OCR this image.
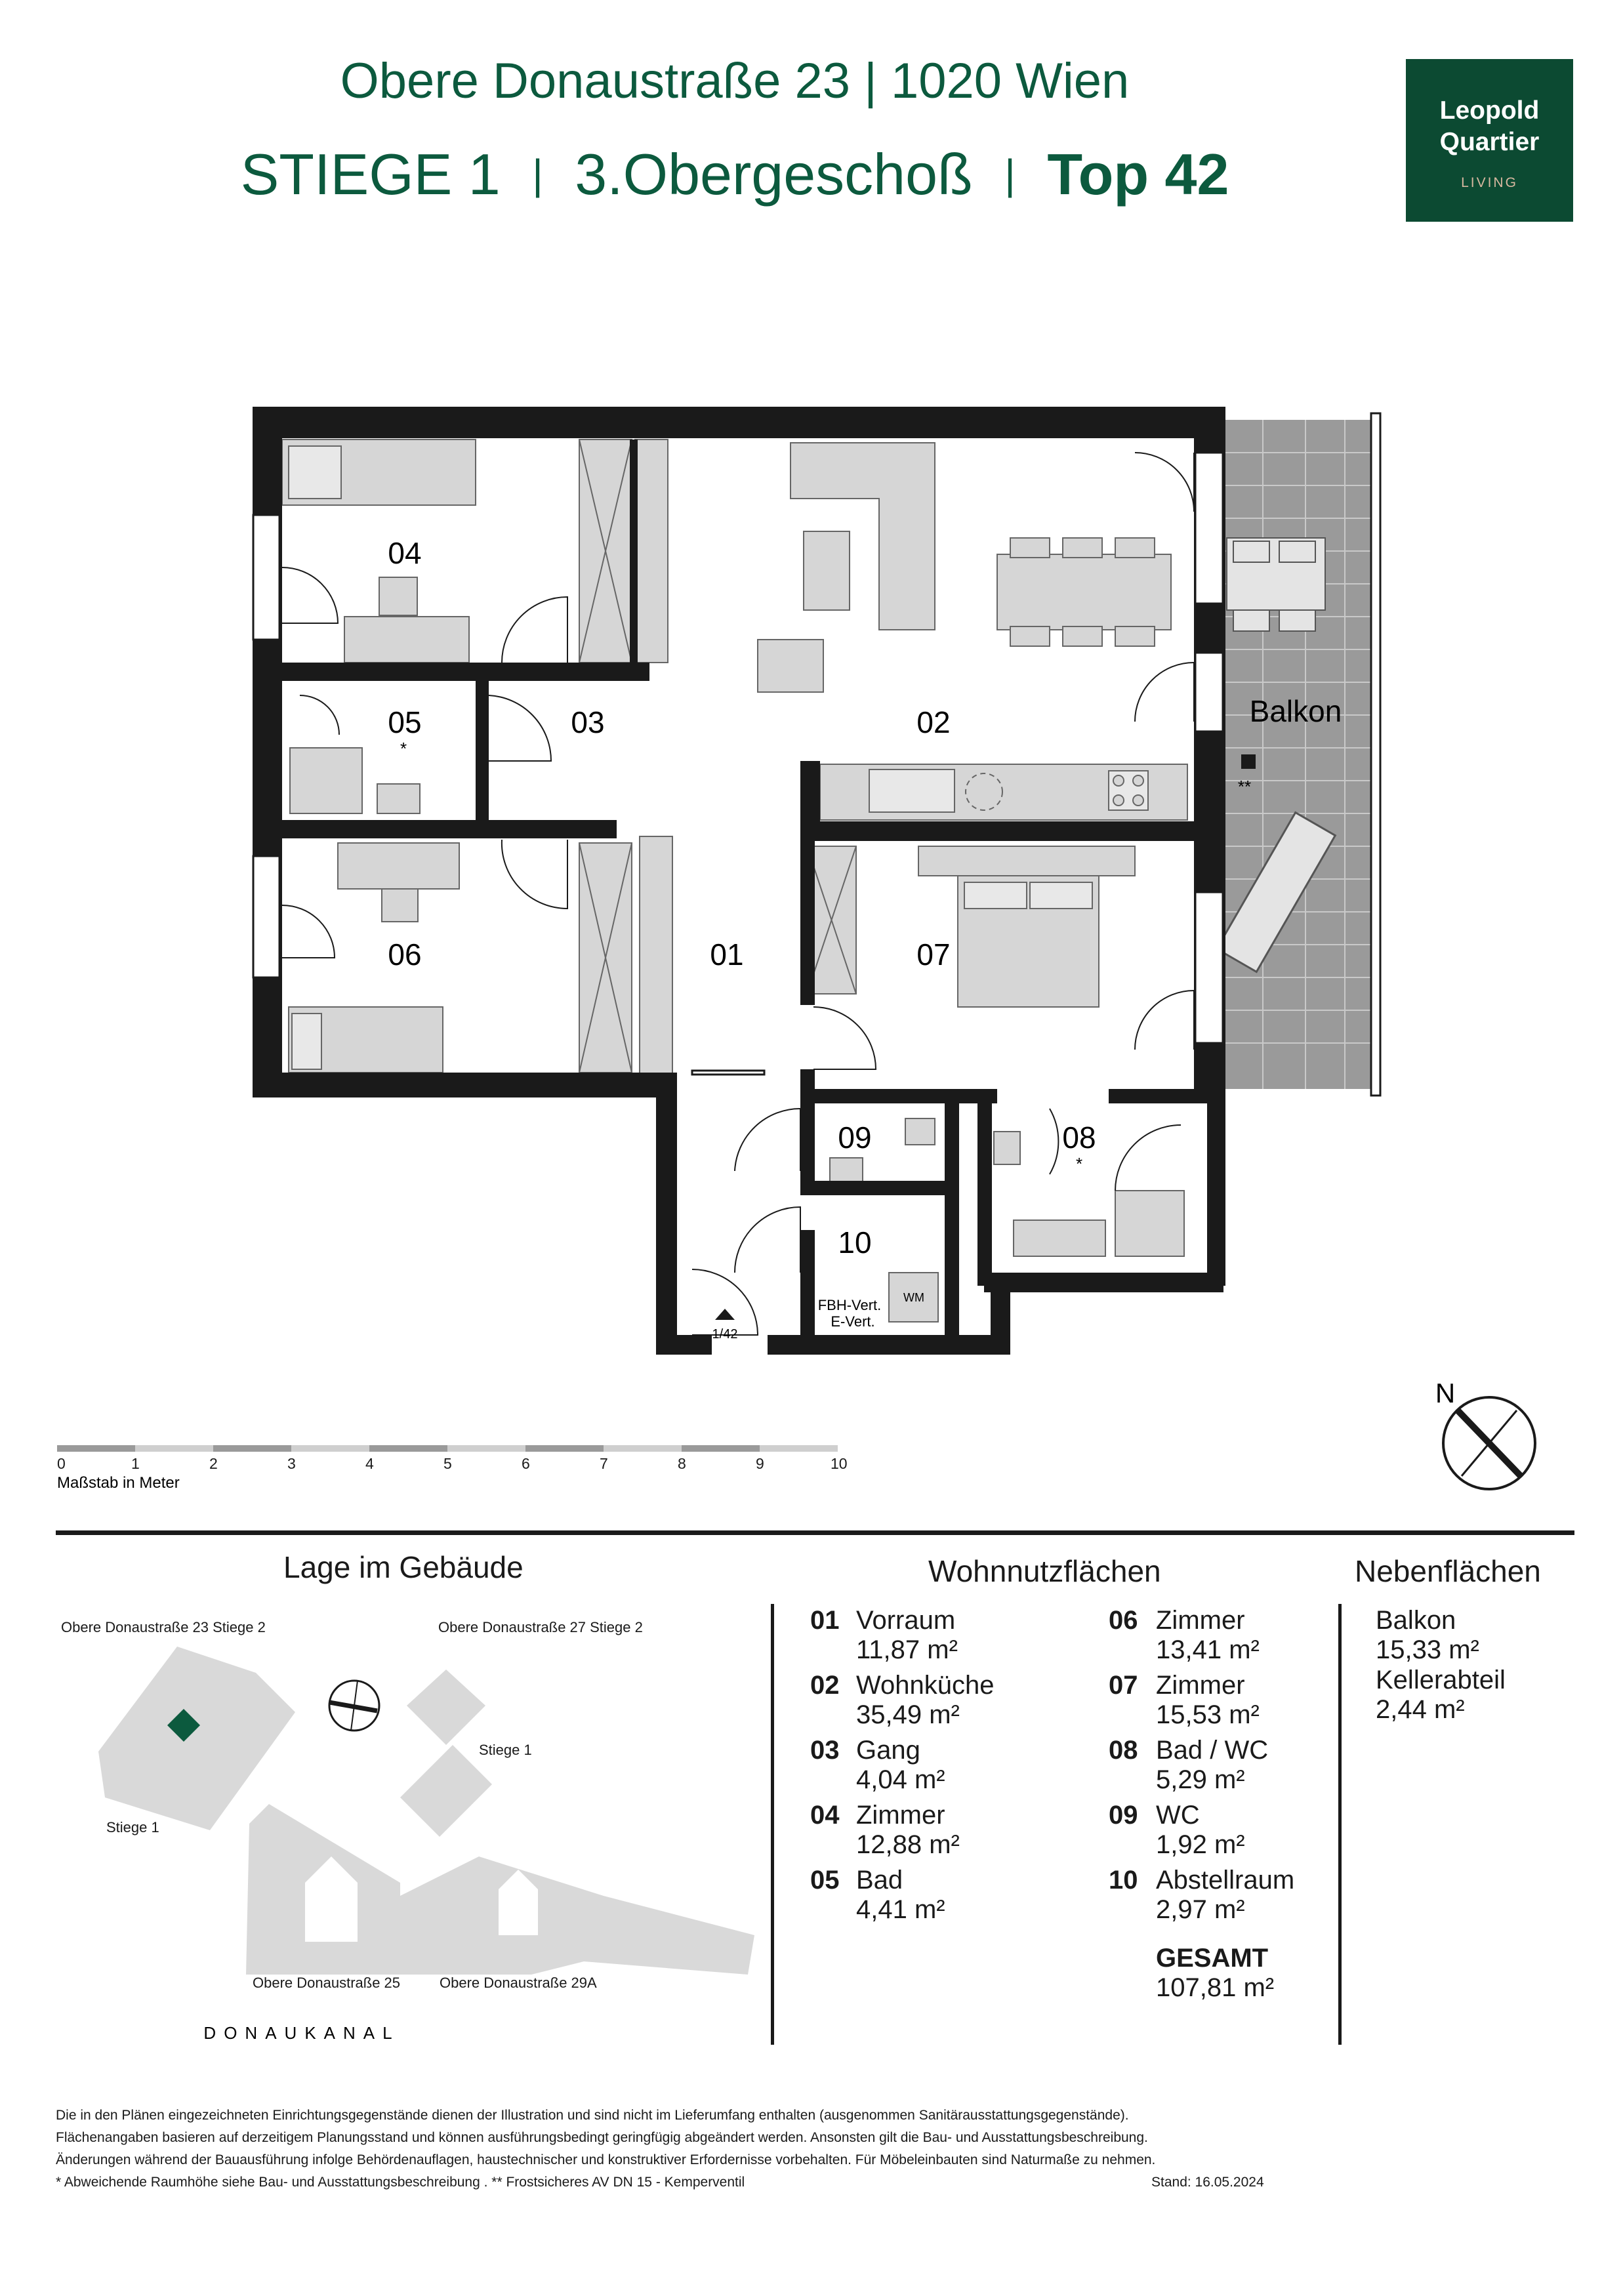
Obere Donaustraße 23 | 1020 Wien
STIEGE 1 | 3.Obergeschoß | Top 42
Leopold
Quartier
LIVING
04
05
*
03	02
06	01	07
09	08
*
10
Balkon
**
FBH-Vert.
E-Vert.
WM
1/42
N
0	1	2	3	4	5	6	7	8	9	10
Maßstab in Meter
Lage im Gebäude
Obere Donaustraße 23 Stiege 2	Obere Donaustraße 27 Stiege 2
Stiege 1
Stiege 1
Obere Donaustraße 25	Obere Donaustraße 29A
DONAUKANAL
Wohnnutzflächen
01 Vorraum
11,87 m²
02 Wohnküche
35,49 m²
03 Gang
4,04 m²
04 Zimmer
12,88 m²
05 Bad
4,41 m²
06 Zimmer
13,41 m²
07 Zimmer
15,53 m²
08 Bad / WC
5,29 m²
09 WC
1,92 m²
10 Abstellraum
2,97 m²
GESAMT
107,81 m²
Nebenflächen
Balkon
15,33 m²
Kellerabteil
2,44 m²
Die in den Plänen eingezeichneten Einrichtungsgegenstände dienen der Illustration und sind nicht im Lieferumfang enthalten (ausgenommen Sanitärausstattungsgegenstände).
Flächenangaben basieren auf derzeitigem Planungsstand und können ausführungsbedingt geringfügig abgeändert werden. Ansonsten gilt die Bau- und Ausstattungsbeschreibung.
Änderungen während der Bauausführung infolge Behördenauflagen, haustechnischer und konstruktiver Erfordernisse vorbehalten. Für Möbeleinbauten sind Naturmaße zu nehmen.
* Abweichende Raumhöhe siehe Bau- und Ausstattungsbeschreibung . ** Frostsicheres AV DN 15 - Kemperventil	Stand: 16.05.2024
